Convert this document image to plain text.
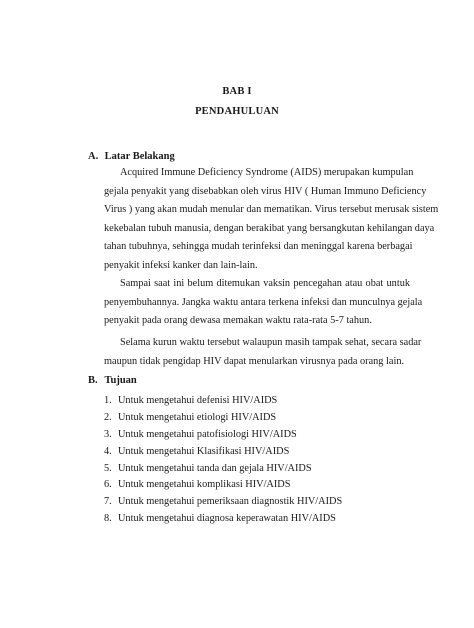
BAB I
PENDAHULUAN
A. Latar Belakang
Acquired Immune Deficiency Syndrome (AIDS) merupakan kumpulan
gejala penyakit yang disebabkan oleh virus HIV ( Human Immuno Deficiency
Virus ) yang akan mudah menular dan mematikan. Virus tersebut merusak sistem
kekebalan tubuh manusia, dengan berakibat yang bersangkutan kehilangan daya
tahan tubuhnya, sehingga mudah terinfeksi dan meninggal karena berbagai
penyakit infeksi kanker dan lain-lain.
Sampai saat ini belum ditemukan vaksin pencegahan atau obat untuk
penyembuhannya. Jangka waktu antara terkena infeksi dan munculnya gejala
penyakit pada orang dewasa memakan waktu rata-rata 5-7 tahun.
Selama kurun waktu tersebut walaupun masih tampak sehat, secara sadar
maupun tidak pengidap HIV dapat menularkan virusnya pada orang lain.
B. Tujuan
1. Untuk mengetahui defenisi HIV/AIDS
2. Untuk mengetahui etiologi HIV/AIDS
3. Untuk mengetahui patofisiologi HIV/AIDS
4. Untuk mengetahui Klasifikasi HIV/AIDS
5. Untuk mengetahui tanda dan gejala HIV/AIDS
6. Untuk mengetahui komplikasi HIV/AIDS
7. Untuk mengetahui pemeriksaan diagnostik HIV/AIDS
8. Untuk mengetahui diagnosa keperawatan HIV/AIDS
